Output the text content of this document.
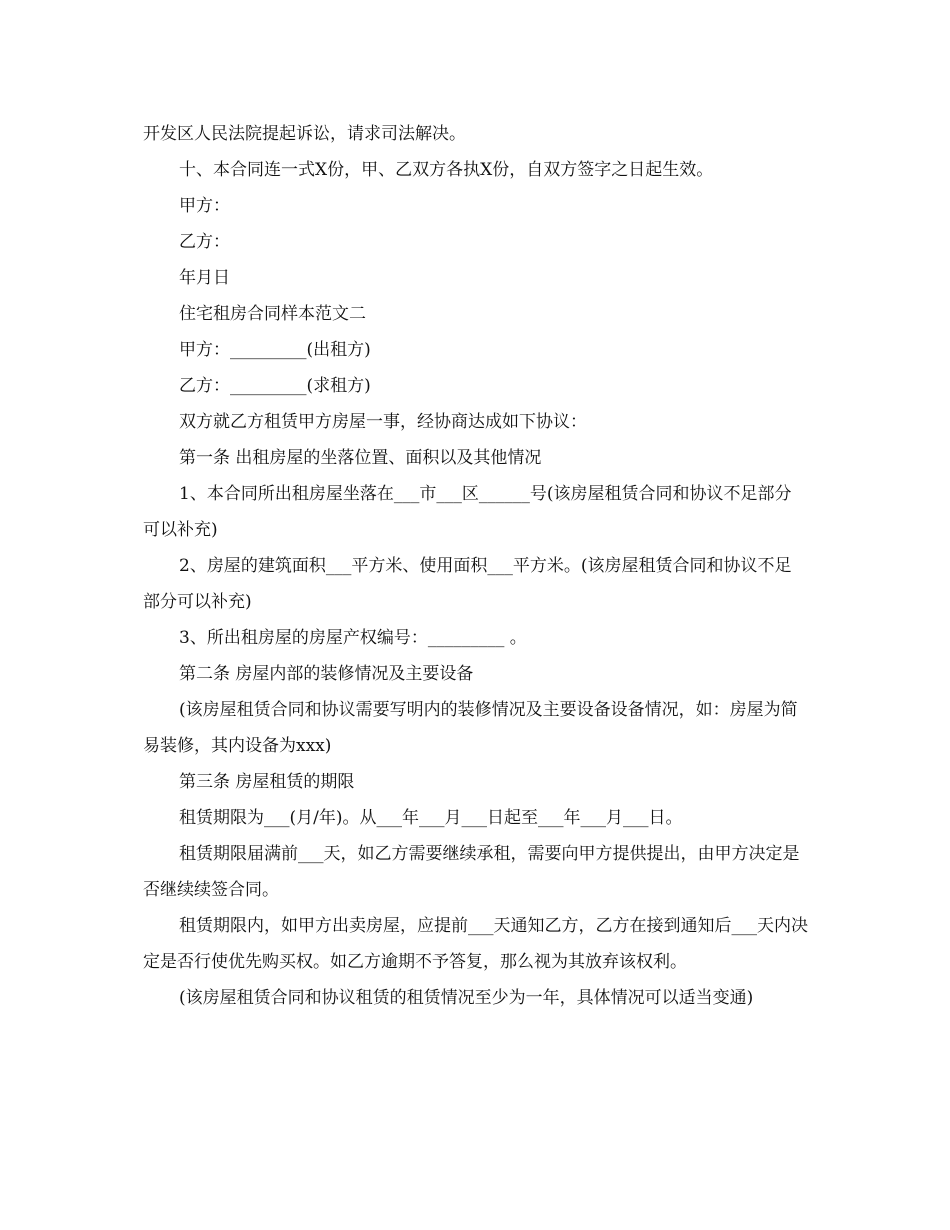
开发区人民法院提起诉讼，请求司法解决。

十、本合同连一式X份，甲、乙双方各执X份，自双方签字之日起生效。

甲方：

乙方：

年月日

住宅租房合同样本范文二

甲方：_________(出租方)

乙方：_________(求租方)

双方就乙方租赁甲方房屋一事，经协商达成如下协议：

第一条 出租房屋的坐落位置、面积以及其他情况

1、本合同所出租房屋坐落在___市___区______号(该房屋租赁合同和协议不足部分可以补充)

2、房屋的建筑面积___平方米、使用面积___平方米。(该房屋租赁合同和协议不足部分可以补充)

3、所出租房屋的房屋产权编号：_________ 。

第二条 房屋内部的装修情况及主要设备

(该房屋租赁合同和协议需要写明内的装修情况及主要设备设备情况，如：房屋为简易装修，其内设备为xxx)

第三条 房屋租赁的期限

租赁期限为___(月/年)。从___年___月___日起至___年___月___日。

租赁期限届满前___天，如乙方需要继续承租，需要向甲方提供提出，由甲方决定是否继续续签合同。

租赁期限内，如甲方出卖房屋，应提前___天通知乙方，乙方在接到通知后___天内决定是否行使优先购买权。如乙方逾期不予答复，那么视为其放弃该权利。

(该房屋租赁合同和协议租赁的租赁情况至少为一年，具体情况可以适当变通)
